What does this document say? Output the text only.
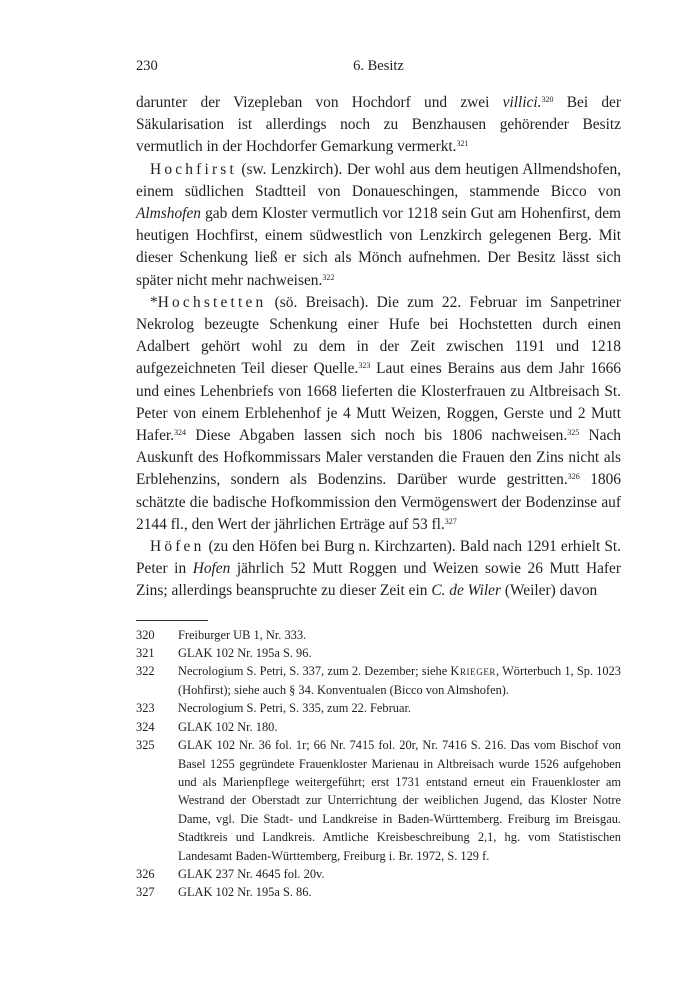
230	6. Besitz

darunter der Vizepleban von Hochdorf und zwei villici.$^{320}$ Bei der Säkularisation ist allerdings noch zu Benzhausen gehörender Besitz vermutlich in der Hochdorfer Gemarkung vermerkt.$^{321}$

Hochfirst (sw. Lenzkirch). Der wohl aus dem heutigen Allmendshofen, einem südlichen Stadtteil von Donaueschingen, stammende Bicco von Almshofen gab dem Kloster vermutlich vor 1218 sein Gut am Hohenfirst, dem heutigen Hochfirst, einem südwestlich von Lenzkirch gelegenen Berg. Mit dieser Schenkung ließ er sich als Mönch aufnehmen. Der Besitz lässt sich später nicht mehr nachweisen.$^{322}$

*Hochstetten (sö. Breisach). Die zum 22. Februar im Sanpetriner Nekrolog bezeugte Schenkung einer Hufe bei Hochstetten durch einen Adalbert gehört wohl zu dem in der Zeit zwischen 1191 und 1218 aufgezeichneten Teil dieser Quelle.$^{323}$ Laut eines Berains aus dem Jahr 1666 und eines Lehenbriefs von 1668 lieferten die Klosterfrauen zu Altbreisach St. Peter von einem Erblehenhof je 4 Mutt Weizen, Roggen, Gerste und 2 Mutt Hafer.$^{324}$ Diese Abgaben lassen sich noch bis 1806 nachweisen.$^{325}$ Nach Auskunft des Hofkommissars Maler verstanden die Frauen den Zins nicht als Erblehenzins, sondern als Bodenzins. Darüber wurde gestritten.$^{326}$ 1806 schätzte die badische Hofkommission den Vermögenswert der Bodenzinse auf 2144 fl., den Wert der jährlichen Erträge auf 53 fl.$^{327}$

Höfen (zu den Höfen bei Burg n. Kirchzarten). Bald nach 1291 erhielt St. Peter in Hofen jährlich 52 Mutt Roggen und Weizen sowie 26 Mutt Hafer Zins; allerdings beanspruchte zu dieser Zeit ein C. de Wiler (Weiler) davon

320	Freiburger UB 1, Nr. 333.
321	GLAK 102 Nr. 195a S. 96.
322	Necrologium S. Petri, S. 337, zum 2. Dezember; siehe Krieger, Wörterbuch 1, Sp. 1023 (Hohfirst); siehe auch § 34. Konventualen (Bicco von Almshofen).
323	Necrologium S. Petri, S. 335, zum 22. Februar.
324	GLAK 102 Nr. 180.
325	GLAK 102 Nr. 36 fol. 1r; 66 Nr. 7415 fol. 20r, Nr. 7416 S. 216. Das vom Bischof von Basel 1255 gegründete Frauenkloster Marienau in Altbreisach wurde 1526 aufgehoben und als Marienpflege weitergeführt; erst 1731 entstand erneut ein Frauenkloster am Westrand der Oberstadt zur Unterrichtung der weiblichen Jugend, das Kloster Notre Dame, vgl. Die Stadt- und Landkreise in Baden-Württemberg. Freiburg im Breisgau. Stadtkreis und Landkreis. Amtliche Kreisbeschreibung 2,1, hg. vom Statistischen Landesamt Baden-Württemberg, Freiburg i. Br. 1972, S. 129 f.
326	GLAK 237 Nr. 4645 fol. 20v.
327	GLAK 102 Nr. 195a S. 86.
